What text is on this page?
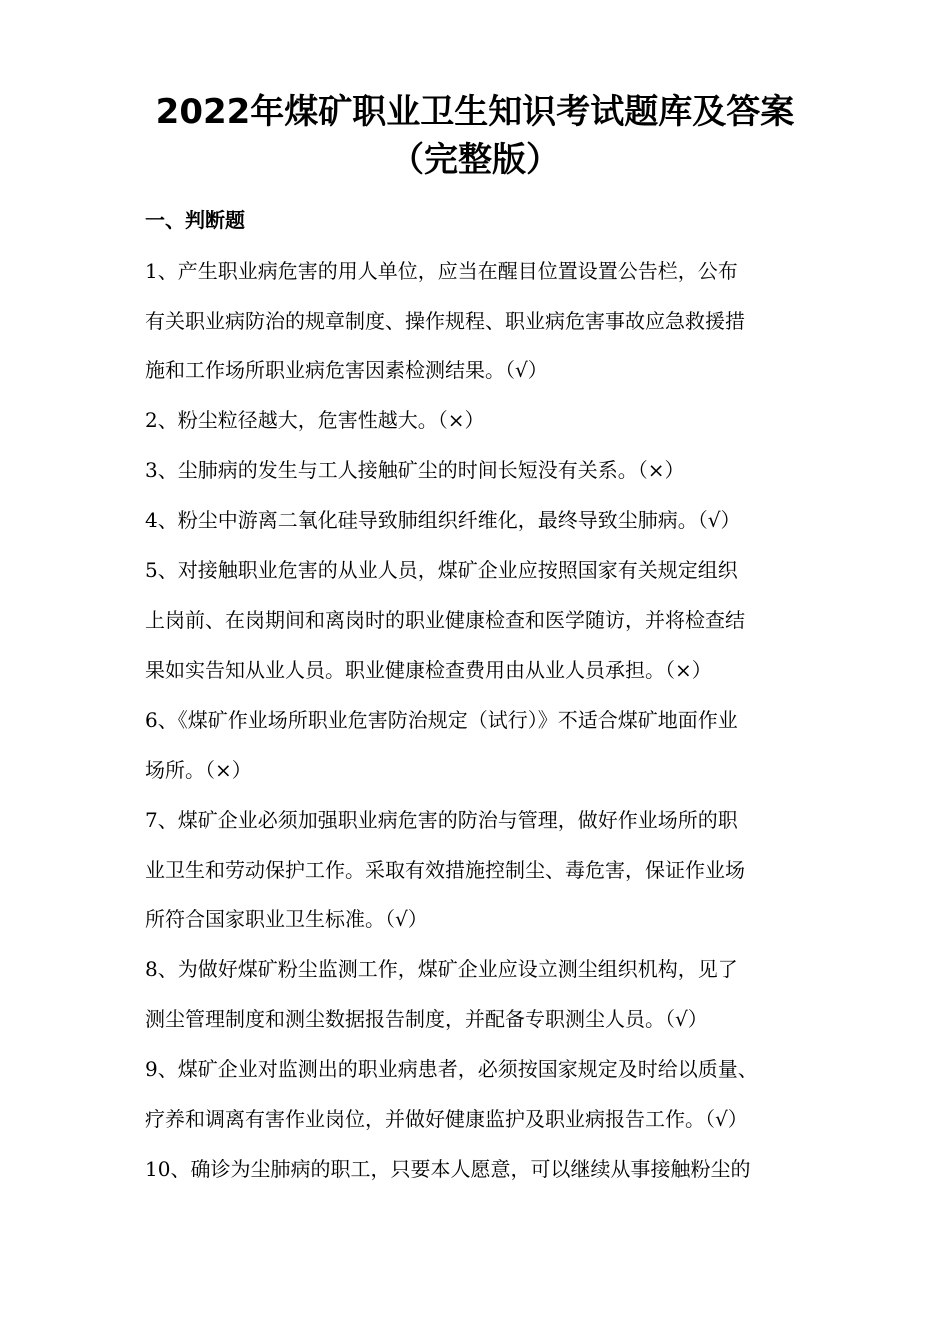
2022年煤矿职业卫生知识考试题库及答案
（完整版）
一、判断题
1、产生职业病危害的用人单位，应当在醒目位置设置公告栏，公布
有关职业病防治的规章制度、操作规程、职业病危害事故应急救援措
施和工作场所职业病危害因素检测结果。（√）
2、粉尘粒径越大，危害性越大。（×）
3、尘肺病的发生与工人接触矿尘的时间长短没有关系。（×）
4、粉尘中游离二氧化硅导致肺组织纤维化，最终导致尘肺病。（√）
5、对接触职业危害的从业人员，煤矿企业应按照国家有关规定组织
上岗前、在岗期间和离岗时的职业健康检查和医学随访，并将检查结
果如实告知从业人员。职业健康检查费用由从业人员承担。（×）
6、《煤矿作业场所职业危害防治规定（试行）》不适合煤矿地面作业
场所。（×）
7、煤矿企业必须加强职业病危害的防治与管理，做好作业场所的职
业卫生和劳动保护工作。采取有效措施控制尘、毒危害，保证作业场
所符合国家职业卫生标准。（√）
8、为做好煤矿粉尘监测工作，煤矿企业应设立测尘组织机构，见了
测尘管理制度和测尘数据报告制度，并配备专职测尘人员。（√）
9、煤矿企业对监测出的职业病患者，必须按国家规定及时给以质量、
疗养和调离有害作业岗位，并做好健康监护及职业病报告工作。（√）
10、确诊为尘肺病的职工，只要本人愿意，可以继续从事接触粉尘的
